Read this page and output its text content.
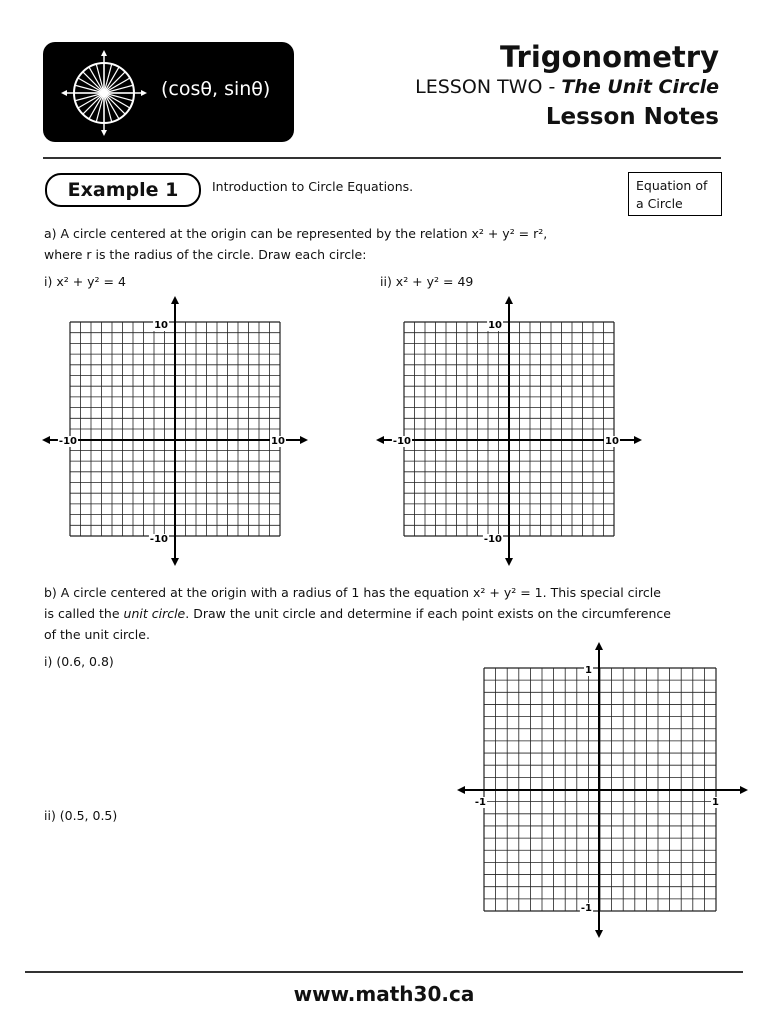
(cosθ, sinθ)
Trigonometry
LESSON TWO - The Unit Circle
Lesson Notes
Example 1	Introduction to Circle Equations.	Equation of
a Circle
a) A circle centered at the origin can be represented by the relation x² + y² = r²,
where r is the radius of the circle. Draw each circle:
i) x² + y² = 4	ii) x² + y² = 49
10
-10
-10	10
10
-10
-10	10
b) A circle centered at the origin with a radius of 1 has the equation x² + y² = 1. This special circle
is called the unit circle. Draw the unit circle and determine if each point exists on the circumference
of the unit circle.
i) (0.6, 0.8)
ii) (0.5, 0.5)
1
-1
-1	1
www.math30.ca
